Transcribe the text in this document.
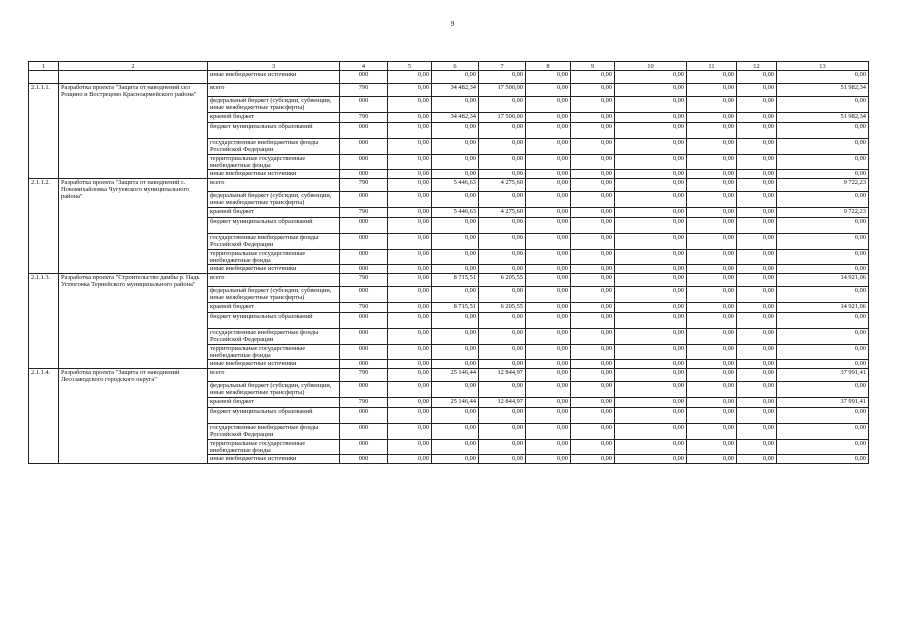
9
1	2	3	4	5	6	7	8	9	10	11	12	13
		иные внебюджетные источники	000	0,00	0,00	0,00	0,00	0,00	0,00	0,00	0,00	0,00
2.1.1.1.	Разработка проекта "Защита от наводнений сел Рощино и Вострецово Красноармейского района"	всего	790	0,00	34 482,34	17 500,00	0,00	0,00	0,00	0,00	0,00	51 982,34
		федеральный бюджет (субсидии, субвенции, иные межбюджетные трансферты)	000	0,00	0,00	0,00	0,00	0,00	0,00	0,00	0,00	0,00
		краевой бюджет	790	0,00	34 482,34	17 500,00	0,00	0,00	0,00	0,00	0,00	51 982,34
		бюджет муниципальных образований	000	0,00	0,00	0,00	0,00	0,00	0,00	0,00	0,00	0,00
		государственные внебюджетные фонды Российской Федерации	000	0,00	0,00	0,00	0,00	0,00	0,00	0,00	0,00	0,00
		территориальные государственные внебюджетные фонды	000	0,00	0,00	0,00	0,00	0,00	0,00	0,00	0,00	0,00
		иные внебюджетные источники	000	0,00	0,00	0,00	0,00	0,00	0,00	0,00	0,00	0,00
2.1.1.2.	Разработка проекта "Защита от наводнений с. Новомихайловка Чугуевского муниципального района"	всего	790	0,00	5 446,63	4 275,60	0,00	0,00	0,00	0,00	0,00	9 722,23
		федеральный бюджет (субсидии, субвенции, иные межбюджетные трансферты)	000	0,00	0,00	0,00	0,00	0,00	0,00	0,00	0,00	0,00
		краевой бюджет	790	0,00	5 446,63	4 275,60	0,00	0,00	0,00	0,00	0,00	9 722,23
		бюджет муниципальных образований	000	0,00	0,00	0,00	0,00	0,00	0,00	0,00	0,00	0,00
		государственные внебюджетные фонды Российской Федерации	000	0,00	0,00	0,00	0,00	0,00	0,00	0,00	0,00	0,00
		территориальные государственные внебюджетные фонды	000	0,00	0,00	0,00	0,00	0,00	0,00	0,00	0,00	0,00
		иные внебюджетные источники	000	0,00	0,00	0,00	0,00	0,00	0,00	0,00	0,00	0,00
2.1.1.3.	Разработка проекта "Строительство дамбы р. Падь Устюговка Тернейского муниципального района"	всего	790	0,00	8 715,51	6 205,55	0,00	0,00	0,00	0,00	0,00	14 921,06
		федеральный бюджет (субсидии, субвенции, иные межбюджетные трансферты)	000	0,00	0,00	0,00	0,00	0,00	0,00	0,00	0,00	0,00
		краевой бюджет	790	0,00	8 715,51	6 205,55	0,00	0,00	0,00	0,00	0,00	14 921,06
		бюджет муниципальных образований	000	0,00	0,00	0,00	0,00	0,00	0,00	0,00	0,00	0,00
		государственные внебюджетные фонды Российской Федерации	000	0,00	0,00	0,00	0,00	0,00	0,00	0,00	0,00	0,00
		территориальные государственные внебюджетные фонды	000	0,00	0,00	0,00	0,00	0,00	0,00	0,00	0,00	0,00
		иные внебюджетные источники	000	0,00	0,00	0,00	0,00	0,00	0,00	0,00	0,00	0,00
2.1.1.4.	Разработка проекта "Защита от наводнений Лесозаводского городского округа"	всего	790	0,00	25 146,44	12 844,97	0,00	0,00	0,00	0,00	0,00	37 991,41
		федеральный бюджет (субсидии, субвенции, иные межбюджетные трансферты)	000	0,00	0,00	0,00	0,00	0,00	0,00	0,00	0,00	0,00
		краевой бюджет	790	0,00	25 146,44	12 844,97	0,00	0,00	0,00	0,00	0,00	37 991,41
		бюджет муниципальных образований	000	0,00	0,00	0,00	0,00	0,00	0,00	0,00	0,00	0,00
		государственные внебюджетные фонды Российской Федерации	000	0,00	0,00	0,00	0,00	0,00	0,00	0,00	0,00	0,00
		территориальные государственные внебюджетные фонды	000	0,00	0,00	0,00	0,00	0,00	0,00	0,00	0,00	0,00
		иные внебюджетные источники	000	0,00	0,00	0,00	0,00	0,00	0,00	0,00	0,00	0,00
